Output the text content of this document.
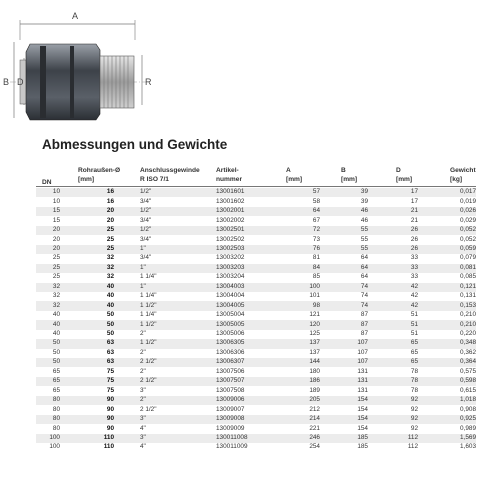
A
B D	R
Abmessungen und Gewichte
DN
Rohraußen-Ø
[mm]
Anschlussgewinde
R ISO 7/1
Artikel-
nummer
A
[mm]
B
[mm]
D
[mm]
Gewicht
[kg]
10	16	1/2"	13001601	57	39	17	0,017
10	16	3/4"	13001602	58	39	17	0,019
15	20	1/2"	13002001	64	46	21	0,026
15	20	3/4"	13002002	67	46	21	0,029
20	25	1/2"	13002501	72	55	26	0,052
20	25	3/4"	13002502	73	55	26	0,052
20	25	1"	13002503	76	55	26	0,059
25	32	3/4"	13003202	81	64	33	0,079
25	32	1"	13003203	84	64	33	0,081
25	32	1 1/4"	13003204	85	64	33	0,085
32	40	1"	13004003	100	74	42	0,121
32	40	1 1/4"	13004004	101	74	42	0,131
32	40	1 1/2"	13004005	98	74	42	0,153
40	50	1 1/4"	13005004	121	87	51	0,210
40	50	1 1/2"	13005005	120	87	51	0,210
40	50	2"	13005006	125	87	51	0,220
50	63	1 1/2"	13006305	137	107	65	0,348
50	63	2"	13006306	137	107	65	0,362
50	63	2 1/2"	13006307	144	107	65	0,364
65	75	2"	13007506	180	131	78	0,575
65	75	2 1/2"	13007507	186	131	78	0,598
65	75	3"	13007508	189	131	78	0,615
80	90	2"	13009006	205	154	92	1,018
80	90	2 1/2"	13009007	212	154	92	0,908
80	90	3"	13009008	214	154	92	0,925
80	90	4"	13009009	221	154	92	0,989
100	110	3"	130011008	246	185	112	1,569
100	110	4"	130011009	254	185	112	1,603
